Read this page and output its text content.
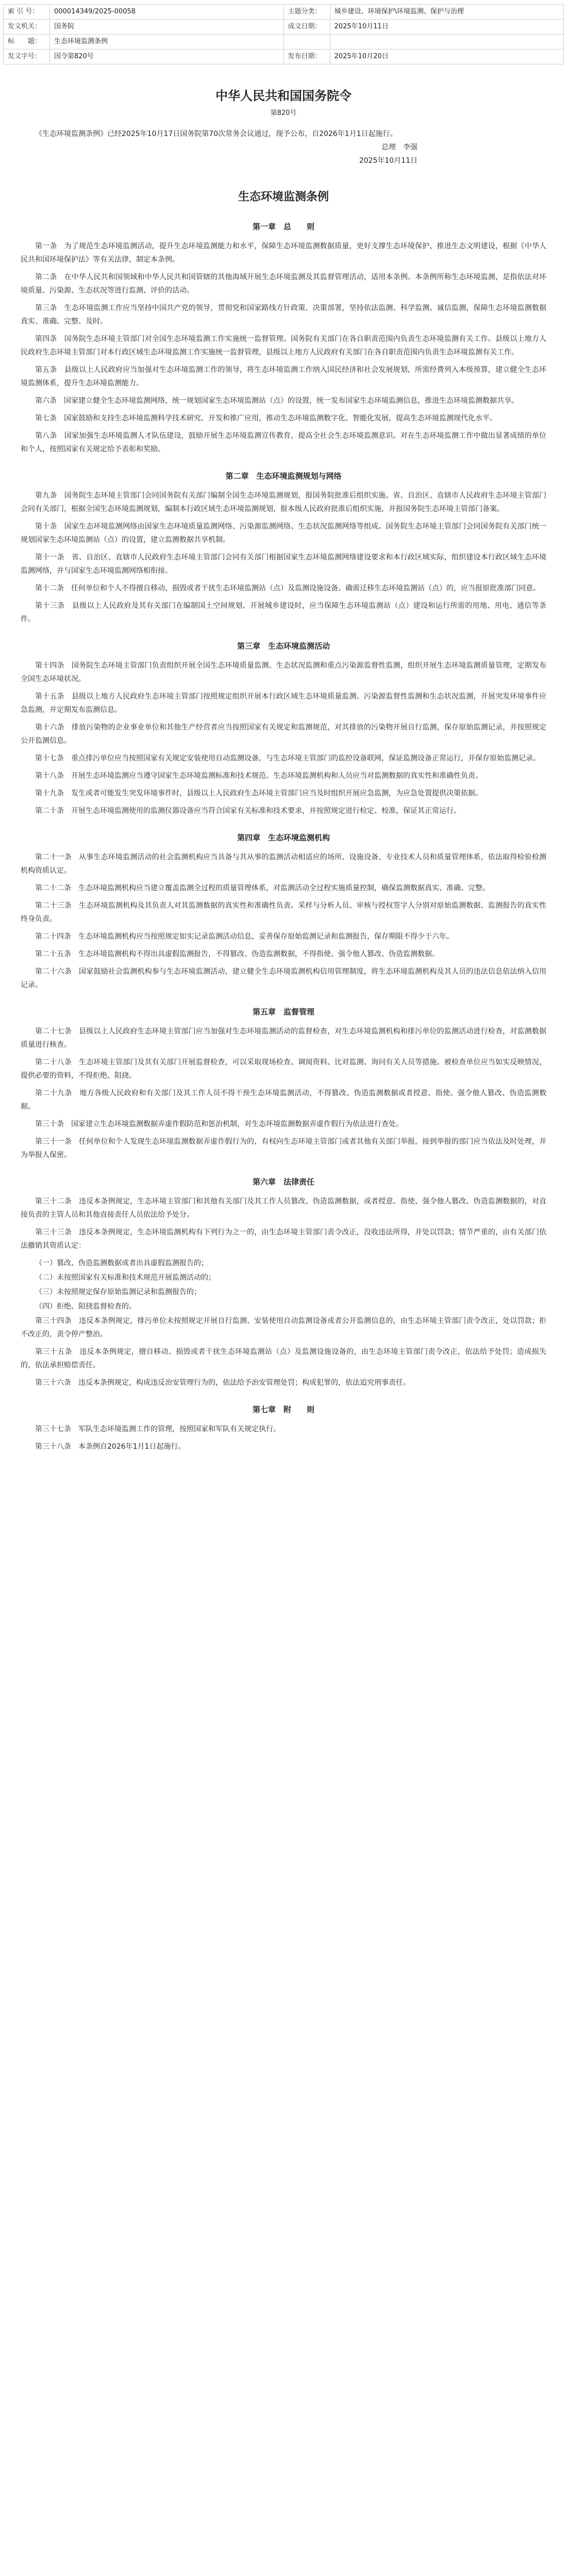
索 引 号：	000014349/2025-00058	主题分类：	城乡建设、环境保护\环境监测、保护与治理
发文机关：	国务院	成文日期：	2025年10月11日
标　　题：	生态环境监测条例		
发文字号：	国令第820号	发布日期：	2025年10月20日
中华人民共和国国务院令
第820号

《生态环境监测条例》已经2025年10月17日国务院第70次常务会议通过，现予公布，自2026年1月1日起施行。

总理　李强
2025年10月11日
生态环境监测条例
第一章　总　　则

第一条　为了规范生态环境监测活动，提升生态环境监测能力和水平，保障生态环境监测数据质量，更好支撑生态环境保护，推进生态文明建设，根据《中华人民共和国环境保护法》等有关法律，制定本条例。

第二条　在中华人民共和国领域和中华人民共和国管辖的其他海域开展生态环境监测及其监督管理活动，适用本条例。本条例所称生态环境监测，是指依法对环境质量、污染源、生态状况等进行监测、评价的活动。

第三条　生态环境监测工作应当坚持中国共产党的领导，贯彻党和国家路线方针政策、决策部署，坚持依法监测、科学监测、诚信监测，保障生态环境监测数据真实、准确、完整、及时。

第四条　国务院生态环境主管部门对全国生态环境监测工作实施统一监督管理。国务院有关部门在各自职责范围内负责生态环境监测有关工作。县级以上地方人民政府生态环境主管部门对本行政区域生态环境监测工作实施统一监督管理，县级以上地方人民政府有关部门在各自职责范围内负责生态环境监测有关工作。

第五条　县级以上人民政府应当加强对生态环境监测工作的领导，将生态环境监测工作纳入国民经济和社会发展规划，所需经费列入本级预算，建立健全生态环境监测体系，提升生态环境监测能力。

第六条　国家建立健全生态环境监测网络，统一规划国家生态环境监测站（点）的设置，统一发布国家生态环境监测信息，推进生态环境监测数据共享。

第七条　国家鼓励和支持生态环境监测科学技术研究、开发和推广应用，推动生态环境监测数字化、智能化发展，提高生态环境监测现代化水平。

第八条　国家加强生态环境监测人才队伍建设，鼓励开展生态环境监测宣传教育，提高全社会生态环境监测意识。对在生态环境监测工作中做出显著成绩的单位和个人，按照国家有关规定给予表彰和奖励。

第二章　生态环境监测规划与网络

第九条　国务院生态环境主管部门会同国务院有关部门编制全国生态环境监测规划，报国务院批准后组织实施。省、自治区、直辖市人民政府生态环境主管部门会同有关部门，根据全国生态环境监测规划，编制本行政区域生态环境监测规划，报本级人民政府批准后组织实施，并报国务院生态环境主管部门备案。

第十条　国家生态环境监测网络由国家生态环境质量监测网络、污染源监测网络、生态状况监测网络等组成。国务院生态环境主管部门会同国务院有关部门统一规划国家生态环境监测站（点）的设置，建立监测数据共享机制。

第十一条　省、自治区、直辖市人民政府生态环境主管部门会同有关部门根据国家生态环境监测网络建设要求和本行政区域实际，组织建设本行政区域生态环境监测网络，并与国家生态环境监测网络相衔接。

第十二条　任何单位和个人不得擅自移动、损毁或者干扰生态环境监测站（点）及监测设施设备。确需迁移生态环境监测站（点）的，应当报原批准部门同意。

第十三条　县级以上人民政府及其有关部门在编制国土空间规划、开展城乡建设时，应当保障生态环境监测站（点）建设和运行所需的用地、用电、通信等条件。

第三章　生态环境监测活动

第十四条　国务院生态环境主管部门负责组织开展全国生态环境质量监测、生态状况监测和重点污染源监督性监测，组织开展生态环境监测质量管理，定期发布全国生态环境状况。

第十五条　县级以上地方人民政府生态环境主管部门按照规定组织开展本行政区域生态环境质量监测、污染源监督性监测和生态状况监测，开展突发环境事件应急监测，并定期发布监测信息。

第十六条　排放污染物的企业事业单位和其他生产经营者应当按照国家有关规定和监测规范，对其排放的污染物开展自行监测，保存原始监测记录，并按照规定公开监测信息。

第十七条　重点排污单位应当按照国家有关规定安装使用自动监测设备，与生态环境主管部门的监控设备联网，保证监测设备正常运行，并保存原始监测记录。

第十八条　开展生态环境监测应当遵守国家生态环境监测标准和技术规范。生态环境监测机构和人员应当对监测数据的真实性和准确性负责。

第十九条　发生或者可能发生突发环境事件时，县级以上人民政府生态环境主管部门应当及时组织开展应急监测，为应急处置提供决策依据。

第二十条　开展生态环境监测使用的监测仪器设备应当符合国家有关标准和技术要求，并按照规定进行检定、校准，保证其正常运行。

第四章　生态环境监测机构

第二十一条　从事生态环境监测活动的社会监测机构应当具备与其从事的监测活动相适应的场所、设施设备、专业技术人员和质量管理体系，依法取得检验检测机构资质认定。

第二十二条　生态环境监测机构应当建立覆盖监测全过程的质量管理体系，对监测活动全过程实施质量控制，确保监测数据真实、准确、完整。

第二十三条　生态环境监测机构及其负责人对其监测数据的真实性和准确性负责。采样与分析人员、审核与授权签字人分别对原始监测数据、监测报告的真实性终身负责。

第二十四条　生态环境监测机构应当按照规定如实记录监测活动信息，妥善保存原始监测记录和监测报告，保存期限不得少于六年。

第二十五条　生态环境监测机构不得出具虚假监测报告，不得篡改、伪造监测数据，不得指使、强令他人篡改、伪造监测数据。

第二十六条　国家鼓励社会监测机构参与生态环境监测活动，建立健全生态环境监测机构信用管理制度，将生态环境监测机构及其人员的违法信息依法纳入信用记录。

第五章　监督管理

第二十七条　县级以上人民政府生态环境主管部门应当加强对生态环境监测活动的监督检查，对生态环境监测机构和排污单位的监测活动进行检查，对监测数据质量进行核查。

第二十八条　生态环境主管部门及其有关部门开展监督检查，可以采取现场检查、调阅资料、比对监测、询问有关人员等措施。被检查单位应当如实反映情况，提供必要的资料，不得拒绝、阻挠。

第二十九条　地方各级人民政府和有关部门及其工作人员不得干预生态环境监测活动，不得篡改、伪造监测数据或者授意、指使、强令他人篡改、伪造监测数据。

第三十条　国家建立生态环境监测数据弄虚作假防范和惩治机制，对生态环境监测数据弄虚作假行为依法进行查处。

第三十一条　任何单位和个人发现生态环境监测数据弄虚作假行为的，有权向生态环境主管部门或者其他有关部门举报。接到举报的部门应当依法及时处理，并为举报人保密。

第六章　法律责任

第三十二条　违反本条例规定，生态环境主管部门和其他有关部门及其工作人员篡改、伪造监测数据，或者授意、指使、强令他人篡改、伪造监测数据的，对直接负责的主管人员和其他直接责任人员依法给予处分。

第三十三条　违反本条例规定，生态环境监测机构有下列行为之一的，由生态环境主管部门责令改正，没收违法所得，并处以罚款；情节严重的，由有关部门依法撤销其资质认定：

（一）篡改、伪造监测数据或者出具虚假监测报告的；

（二）未按照国家有关标准和技术规范开展监测活动的；

（三）未按照规定保存原始监测记录和监测报告的；

（四）拒绝、阻挠监督检查的。

第三十四条　违反本条例规定，排污单位未按照规定开展自行监测、安装使用自动监测设备或者公开监测信息的，由生态环境主管部门责令改正，处以罚款；拒不改正的，责令停产整治。

第三十五条　违反本条例规定，擅自移动、损毁或者干扰生态环境监测站（点）及监测设施设备的，由生态环境主管部门责令改正，依法给予处罚；造成损失的，依法承担赔偿责任。

第三十六条　违反本条例规定，构成违反治安管理行为的，依法给予治安管理处罚；构成犯罪的，依法追究刑事责任。

第七章　附　　则

第三十七条　军队生态环境监测工作的管理，按照国家和军队有关规定执行。

第三十八条　本条例自2026年1月1日起施行。
